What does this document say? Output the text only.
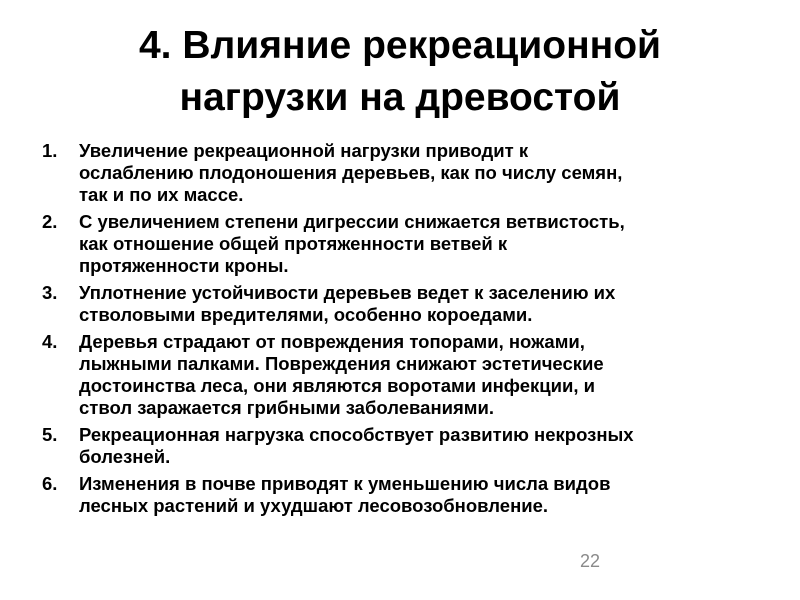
4. Влияние рекреационной
нагрузки на древостой
1.	Увеличение рекреационной нагрузки приводит к
ослаблению плодоношения деревьев, как по числу семян,
так и по их массе.
2.	С увеличением степени дигрессии снижается ветвистость,
как отношение общей протяженности ветвей к
протяженности кроны.
3.	Уплотнение устойчивости деревьев ведет к заселению их
стволовыми вредителями, особенно короедами.
4.	Деревья страдают от повреждения топорами, ножами,
лыжными палками. Повреждения снижают эстетические
достоинства леса, они являются воротами инфекции, и
ствол заражается грибными заболеваниями.
5.	Рекреационная нагрузка способствует развитию некрозных
болезней.
6.	Изменения в почве приводят к уменьшению числа видов
лесных растений и ухудшают лесовозобновление.
22
